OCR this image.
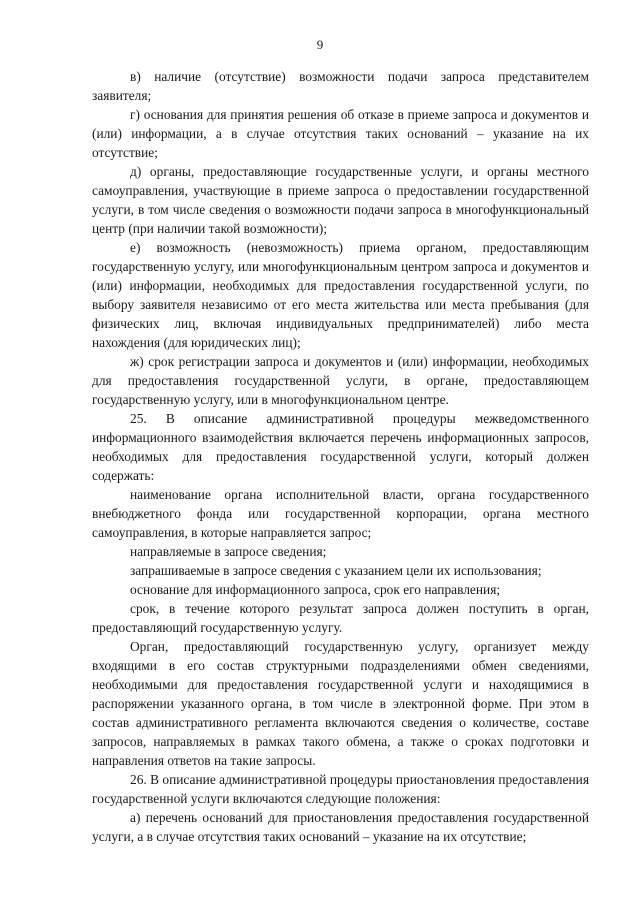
9

в) наличие (отсутствие) возможности подачи запроса представителем заявителя;

г) основания для принятия решения об отказе в приеме запроса и документов и (или) информации, а в случае отсутствия таких оснований – указание на их отсутствие;

д) органы, предоставляющие государственные услуги, и органы местного самоуправления, участвующие в приеме запроса о предоставлении государственной услуги, в том числе сведения о возможности подачи запроса в многофункциональный центр (при наличии такой возможности);

е) возможность (невозможность) приема органом, предоставляющим государственную услугу, или многофункциональным центром запроса и документов и (или) информации, необходимых для предоставления государственной услуги, по выбору заявителя независимо от его места жительства или места пребывания (для физических лиц, включая индивидуальных предпринимателей) либо места нахождения (для юридических лиц);

ж) срок регистрации запроса и документов и (или) информации, необходимых для предоставления государственной услуги, в органе, предоставляющем государственную услугу, или в многофункциональном центре.

25. В описание административной процедуры межведомственного информационного взаимодействия включается перечень информационных запросов, необходимых для предоставления государственной услуги, который должен содержать:

наименование органа исполнительной власти, органа государственного внебюджетного фонда или государственной корпорации, органа местного самоуправления, в которые направляется запрос;

направляемые в запросе сведения;

запрашиваемые в запросе сведения с указанием цели их использования;

основание для информационного запроса, срок его направления;

срок, в течение которого результат запроса должен поступить в орган, предоставляющий государственную услугу.

Орган, предоставляющий государственную услугу, организует между входящими в его состав структурными подразделениями обмен сведениями, необходимыми для предоставления государственной услуги и находящимися в распоряжении указанного органа, в том числе в электронной форме. При этом в состав административного регламента включаются сведения о количестве, составе запросов, направляемых в рамках такого обмена, а также о сроках подготовки и направления ответов на такие запросы.

26. В описание административной процедуры приостановления предоставления государственной услуги включаются следующие положения:

а) перечень оснований для приостановления предоставления государственной услуги, а в случае отсутствия таких оснований – указание на их отсутствие;
